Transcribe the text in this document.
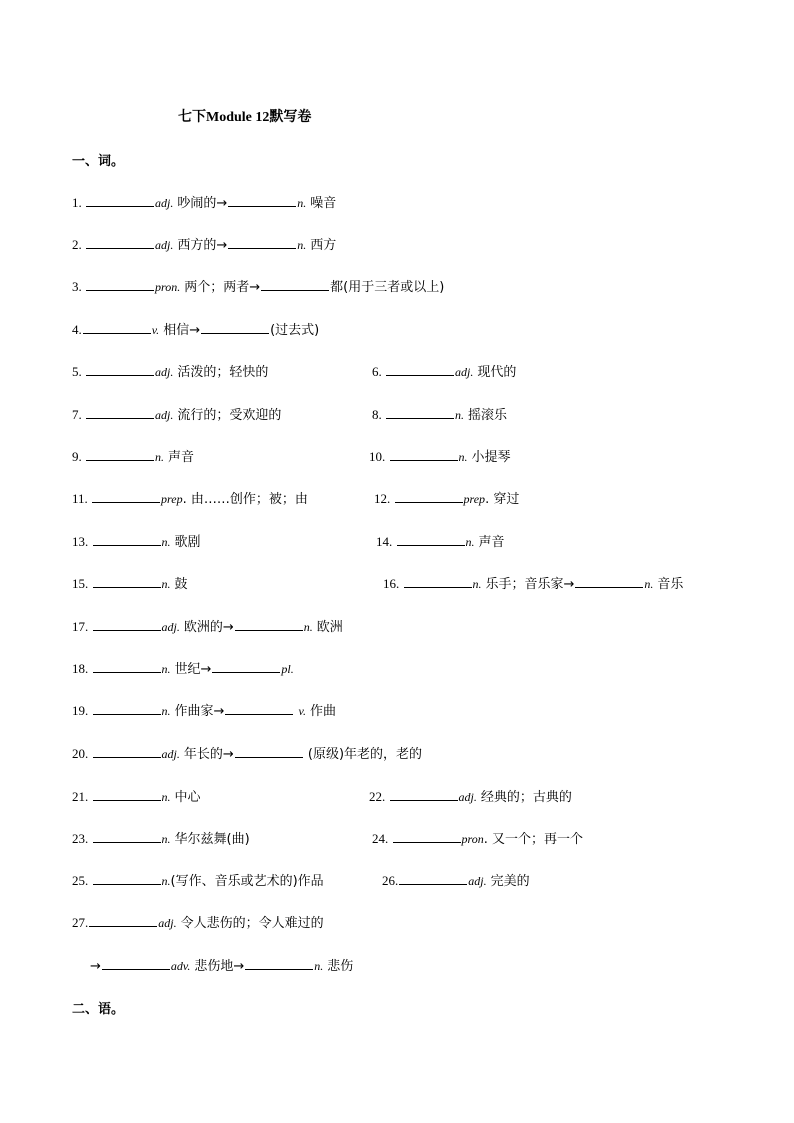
七下Module 12默写卷
一、词。
1.	adj. 吵闹的→	n. 噪音
2.	adj. 西方的→	n. 西方
3.	pron. 两个；两者→	都(用于三者或以上)
4.	v. 相信→	(过去式)
5.	adj. 活泼的；轻快的	6.	adj. 现代的
7.	adj. 流行的；受欢迎的	8.	n. 摇滚乐
9.	n. 声音	10.	n. 小提琴
11.	prep. 由……创作；被；由	12.	prep. 穿过
13.	n. 歌剧	14.	n. 声音
15.	n. 鼓	16.	n. 乐手；音乐家→	n. 音乐
17.	adj. 欧洲的→	n. 欧洲
18.	n. 世纪→	pl.
19.	n. 作曲家→	v. 作曲
20.	adj. 年长的→	(原级)年老的，老的
21.	n. 中心	22.	adj. 经典的；古典的
23.	n. 华尔兹舞(曲)	24.	pron. 又一个；再一个
25.	n.(写作、音乐或艺术的)作品	26.	adj. 完美的
27.	adj. 令人悲伤的；令人难过的
→	adv. 悲伤地→	n. 悲伤
二、语。
